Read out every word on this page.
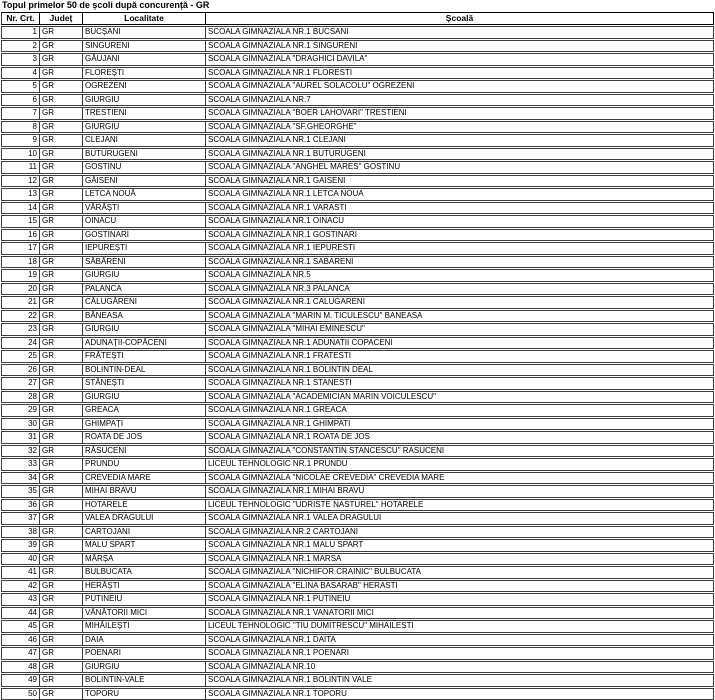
Topul primelor 50 de școli după concurență - GR
Nr. Crt.	Județ	Localitate	Școală
1	GR	BUCȘANI	SCOALA GIMNAZIALA NR.1 BUCSANI
2	GR	SINGURENI	SCOALA GIMNAZIALA NR.1 SINGURENI
3	GR	GĂUJANI	SCOALA GIMNAZIALA "DRAGHICI DAVILA"
4	GR	FLOREȘTI	SCOALA GIMNAZIALA NR.1 FLORESTI
5	GR	OGREZENI	SCOALA GIMNAZIALA "AUREL SOLACOLU" OGREZENI
6	GR	GIURGIU	SCOALA GIMNAZIALA NR.7
7	GR	TRESTIENI	SCOALA GIMNAZIALA "BOER LAHOVARI" TRESTIENI
8	GR	GIURGIU	SCOALA GIMNAZIALA "SF.GHEORGHE"
9	GR	CLEJANI	SCOALA GIMNAZIALA NR.1 CLEJANI
10	GR	BUTURUGENI	SCOALA GIMNAZIALA NR.1 BUTURUGENI
11	GR	GOSTINU	SCOALA GIMNAZIALA "ANGHEL MARES" GOSTINU
12	GR	GĂISENI	SCOALA GIMNAZIALA NR.1 GAISENI
13	GR	LETCA NOUĂ	SCOALA GIMNAZIALA NR.1 LETCA NOUA
14	GR	VĂRĂȘTI	SCOALA GIMNAZIALA NR.1 VARASTI
15	GR	OINACU	SCOALA GIMNAZIALA NR.1 OINACU
16	GR	GOSTINARI	SCOALA GIMNAZIALA NR.1 GOSTINARI
17	GR	IEPUREȘTI	SCOALA GIMNAZIALA NR.1 IEPURESTI
18	GR	SĂBĂRENI	SCOALA GIMNAZIALA NR.1 SABARENI
19	GR	GIURGIU	SCOALA GIMNAZIALA NR.5
20	GR	PALANCA	SCOALA GIMNAZIALA NR.3 PALANCA
21	GR	CĂLUGĂRENI	SCOALA GIMNAZIALA NR.1 CALUGARENI
22	GR	BĂNEASA	SCOALA GIMNAZIALA "MARIN M. TICULESCU" BANEASA
23	GR	GIURGIU	SCOALA GIMNAZIALA "MIHAI EMINESCU"
24	GR	ADUNAȚII-COPĂCENI	SCOALA GIMNAZIALA NR.1 ADUNATII COPACENI
25	GR	FRĂTEȘTI	SCOALA GIMNAZIALA NR.1 FRATESTI
26	GR	BOLINTIN-DEAL	SCOALA GIMNAZIALA NR.1 BOLINTIN DEAL
27	GR	STĂNEȘTI	SCOALA GIMNAZIALA NR.1 STANESTI
28	GR	GIURGIU	SCOALA GIMNAZIALA "ACADEMICIAN MARIN VOICULESCU"
29	GR	GREACA	SCOALA GIMNAZIALA NR.1 GREACA
30	GR	GHIMPAȚI	SCOALA GIMNAZIALA NR.1 GHIMPATI
31	GR	ROATA DE JOS	SCOALA GIMNAZIALA NR.1 ROATA DE JOS
32	GR	RĂSUCENI	SCOALA GIMNAZIALA "CONSTANTIN STANCESCU" RASUCENI
33	GR	PRUNDU	LICEUL TEHNOLOGIC NR.1 PRUNDU
34	GR	CREVEDIA MARE	SCOALA GIMNAZIALA "NICOLAE CREVEDIA" CREVEDIA MARE
35	GR	MIHAI BRAVU	SCOALA GIMNAZIALA NR.1 MIHAI BRAVU
36	GR	HOTARELE	LICEUL TEHNOLOGIC "UDRISTE NASTUREL" HOTARELE
37	GR	VALEA DRAGULUI	SCOALA GIMNAZIALA NR.1 VALEA DRAGULUI
38	GR	CARTOJANI	SCOALA GIMNAZIALA NR.2 CARTOJANI
39	GR	MALU SPART	SCOALA GIMNAZIALA NR.1 MALU SPART
40	GR	MÂRȘA	SCOALA GIMNAZIALA NR.1 MARSA
41	GR	BULBUCATA	SCOALA GIMNAZIALA "NICHIFOR CRAINIC" BULBUCATA
42	GR	HERĂȘTI	SCOALA GIMNAZIALA "ELINA BASARAB" HERASTI
43	GR	PUTINEIU	SCOALA GIMNAZIALA NR.1 PUTINEIU
44	GR	VÂNĂTORII MICI	SCOALA GIMNAZIALA NR.1 VANATORII MICI
45	GR	MIHĂILEȘTI	LICEUL TEHNOLOGIC "TIU DUMITRESCU" MIHAILESTI
46	GR	DAIA	SCOALA GIMNAZIALA NR.1 DAITA
47	GR	POENARI	SCOALA GIMNAZIALA NR.1 POENARI
48	GR	GIURGIU	SCOALA GIMNAZIALA NR.10
49	GR	BOLINTIN-VALE	SCOALA GIMNAZIALA NR.1 BOLINTIN VALE
50	GR	TOPORU	SCOALA GIMNAZIALA NR.1 TOPORU
